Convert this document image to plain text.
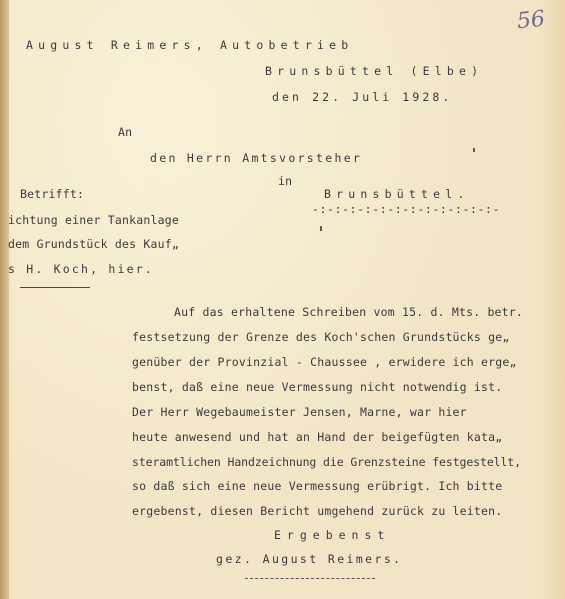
56
August Reimers, Autobetrieb
Brunsbüttel (Elbe)
den 22. Juli 1928.
An
den Herrn Amtsvorsteher
in
Brunsbüttel.
-:-:-:-:-:-:-:-:-:-:-:-:-
Betrifft:
ichtung einer Tankanlage
dem Grundstück des Kauf„
s H. Koch, hier.
Auf das erhaltene Schreiben vom 15. d. Mts. betr.
festsetzung der Grenze des Koch'schen Grundstücks ge„
genüber der Provinzial - Chaussee , erwidere ich erge„
benst, daß eine neue Vermessung nicht notwendig ist.
Der Herr Wegebaumeister Jensen, Marne, war hier
heute anwesend und hat an Hand der beigefügten kata„
steramtlichen Handzeichnung die Grenzsteine festgestellt,
so daß sich eine neue Vermessung erübrigt. Ich bitte
ergebenst, diesen Bericht umgehend zurück zu leiten.
Ergebenst
gez. August Reimers.
